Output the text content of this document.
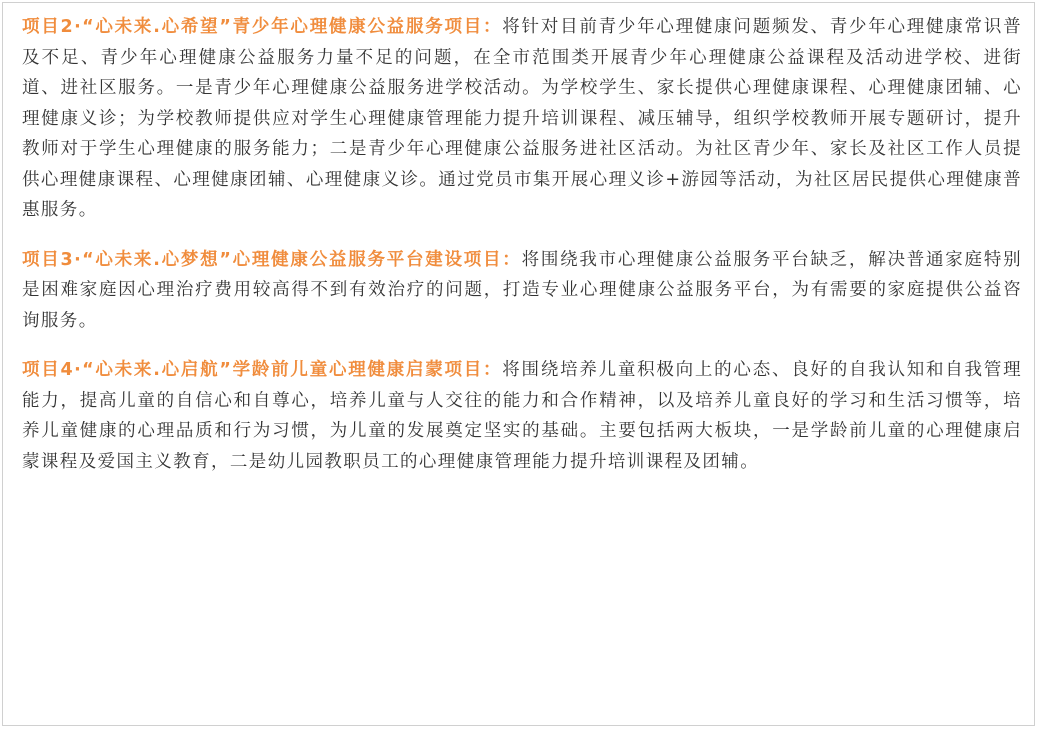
项目2·“心未来.心希望”青少年心理健康公益服务项目：将针对目前青少年心理健康问题频发、青少年心理健康常识普及不足、青少年心理健康公益服务力量不足的问题，在全市范围类开展青少年心理健康公益课程及活动进学校、进街道、进社区服务。一是青少年心理健康公益服务进学校活动。为学校学生、家长提供心理健康课程、心理健康团辅、心理健康义诊；为学校教师提供应对学生心理健康管理能力提升培训课程、减压辅导，组织学校教师开展专题研讨，提升教师对于学生心理健康的服务能力；二是青少年心理健康公益服务进社区活动。为社区青少年、家长及社区工作人员提供心理健康课程、心理健康团辅、心理健康义诊。通过党员市集开展心理义诊+游园等活动，为社区居民提供心理健康普惠服务。

项目3·“心未来.心梦想”心理健康公益服务平台建设项目：将围绕我市心理健康公益服务平台缺乏，解决普通家庭特别是困难家庭因心理治疗费用较高得不到有效治疗的问题，打造专业心理健康公益服务平台，为有需要的家庭提供公益咨询服务。

项目4·“心未来.心启航”学龄前儿童心理健康启蒙项目：将围绕培养儿童积极向上的心态、良好的自我认知和自我管理能力，提高儿童的自信心和自尊心，培养儿童与人交往的能力和合作精神，以及培养儿童良好的学习和生活习惯等，培养儿童健康的心理品质和行为习惯，为儿童的发展奠定坚实的基础。主要包括两大板块，一是学龄前儿童的心理健康启蒙课程及爱国主义教育，二是幼儿园教职员工的心理健康管理能力提升培训课程及团辅。
